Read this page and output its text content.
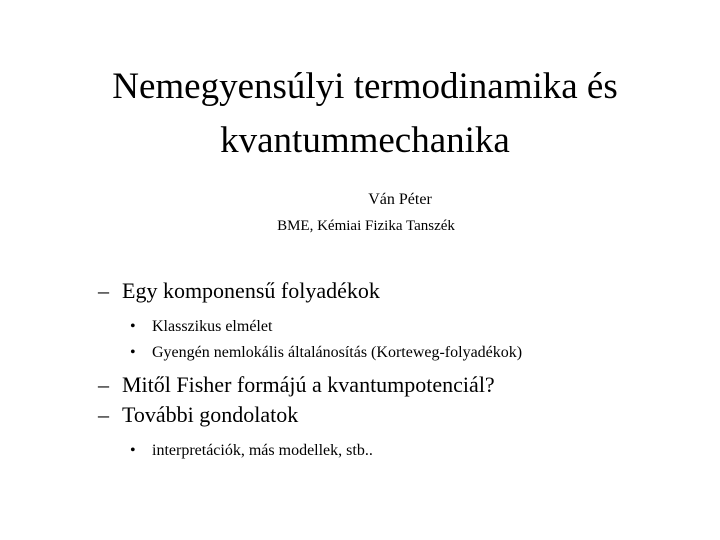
Nemegyensúlyi termodinamika és
kvantummechanika
Ván Péter
BME, Kémiai Fizika Tanszék
– Egy komponensű folyadékok
• Klasszikus elmélet
• Gyengén nemlokális általánosítás (Korteweg-folyadékok)
– Mitől Fisher formájú a kvantumpotenciál?
– További gondolatok
• interpretációk, más modellek, stb..
